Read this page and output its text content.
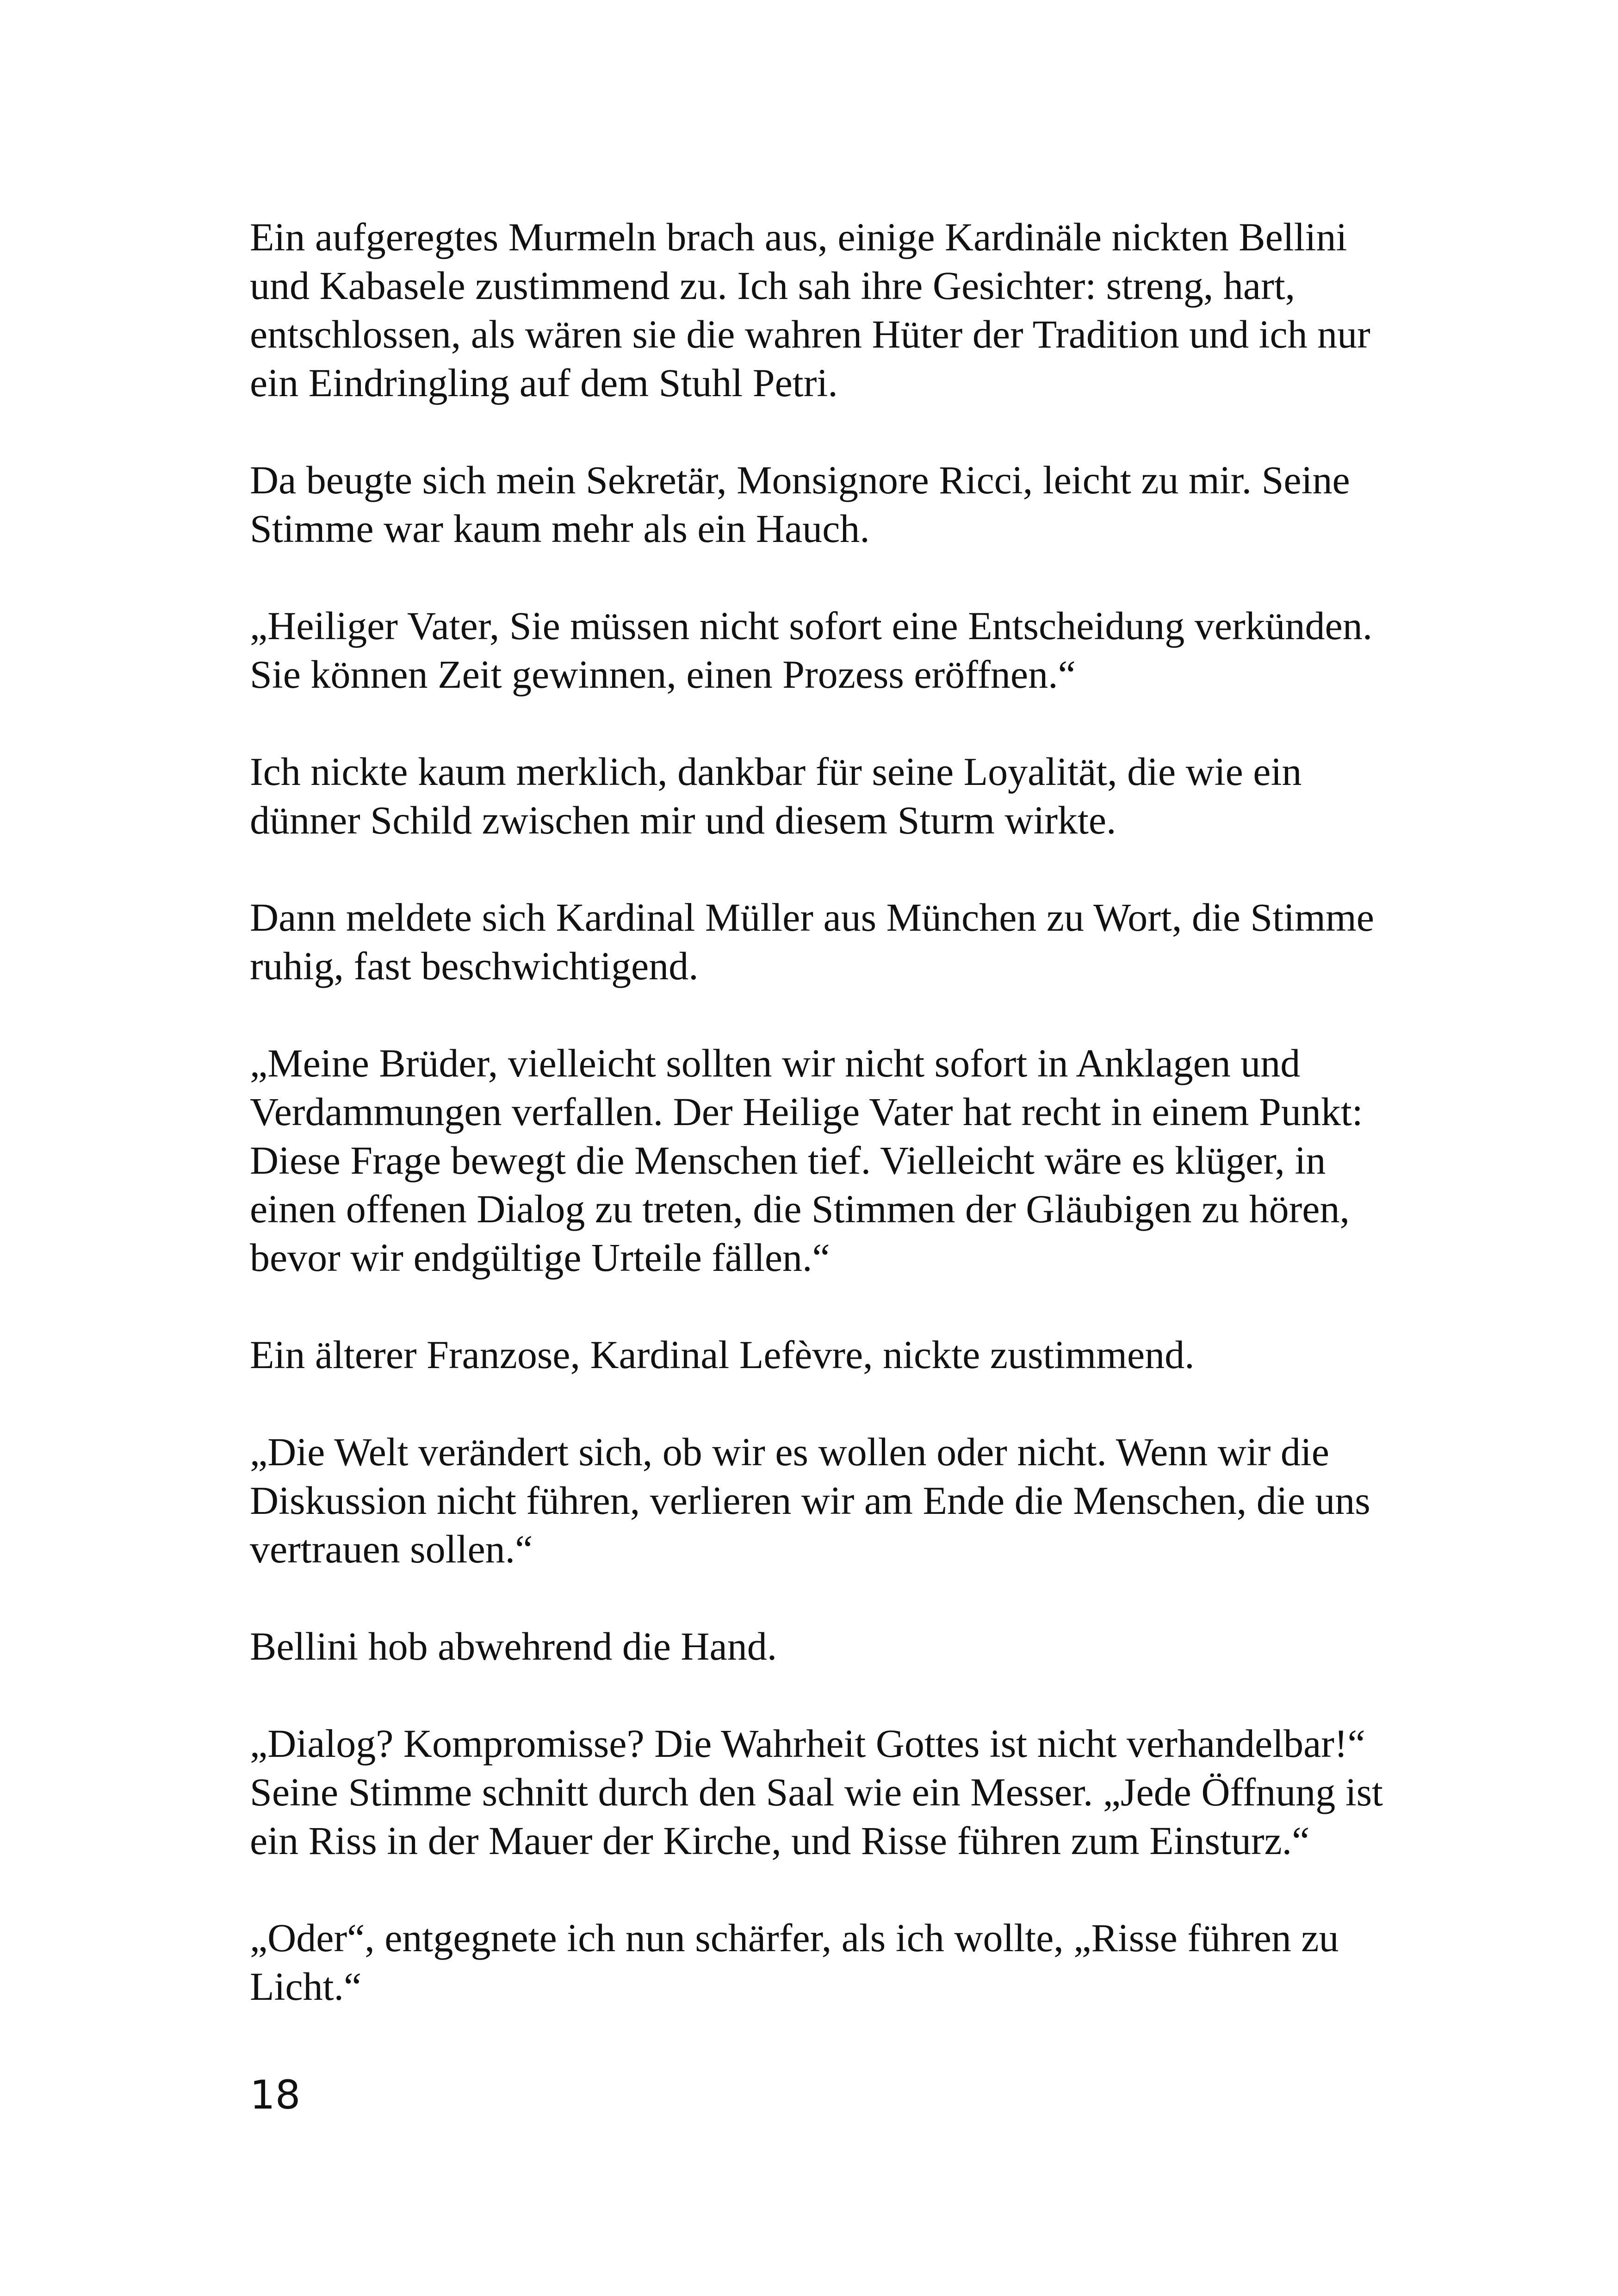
Ein aufgeregtes Murmeln brach aus, einige Kardinäle nickten Bellini
und Kabasele zustimmend zu. Ich sah ihre Gesichter: streng, hart,
entschlossen, als wären sie die wahren Hüter der Tradition und ich nur
ein Eindringling auf dem Stuhl Petri.

Da beugte sich mein Sekretär, Monsignore Ricci, leicht zu mir. Seine
Stimme war kaum mehr als ein Hauch.

„Heiliger Vater, Sie müssen nicht sofort eine Entscheidung verkünden.
Sie können Zeit gewinnen, einen Prozess eröffnen.“

Ich nickte kaum merklich, dankbar für seine Loyalität, die wie ein
dünner Schild zwischen mir und diesem Sturm wirkte.

Dann meldete sich Kardinal Müller aus München zu Wort, die Stimme
ruhig, fast beschwichtigend.

„Meine Brüder, vielleicht sollten wir nicht sofort in Anklagen und
Verdammungen verfallen. Der Heilige Vater hat recht in einem Punkt:
Diese Frage bewegt die Menschen tief. Vielleicht wäre es klüger, in
einen offenen Dialog zu treten, die Stimmen der Gläubigen zu hören,
bevor wir endgültige Urteile fällen.“

Ein älterer Franzose, Kardinal Lefèvre, nickte zustimmend.

„Die Welt verändert sich, ob wir es wollen oder nicht. Wenn wir die
Diskussion nicht führen, verlieren wir am Ende die Menschen, die uns
vertrauen sollen.“

Bellini hob abwehrend die Hand.

„Dialog? Kompromisse? Die Wahrheit Gottes ist nicht verhandelbar!“
Seine Stimme schnitt durch den Saal wie ein Messer. „Jede Öffnung ist
ein Riss in der Mauer der Kirche, und Risse führen zum Einsturz.“

„Oder“, entgegnete ich nun schärfer, als ich wollte, „Risse führen zu
Licht.“

18
